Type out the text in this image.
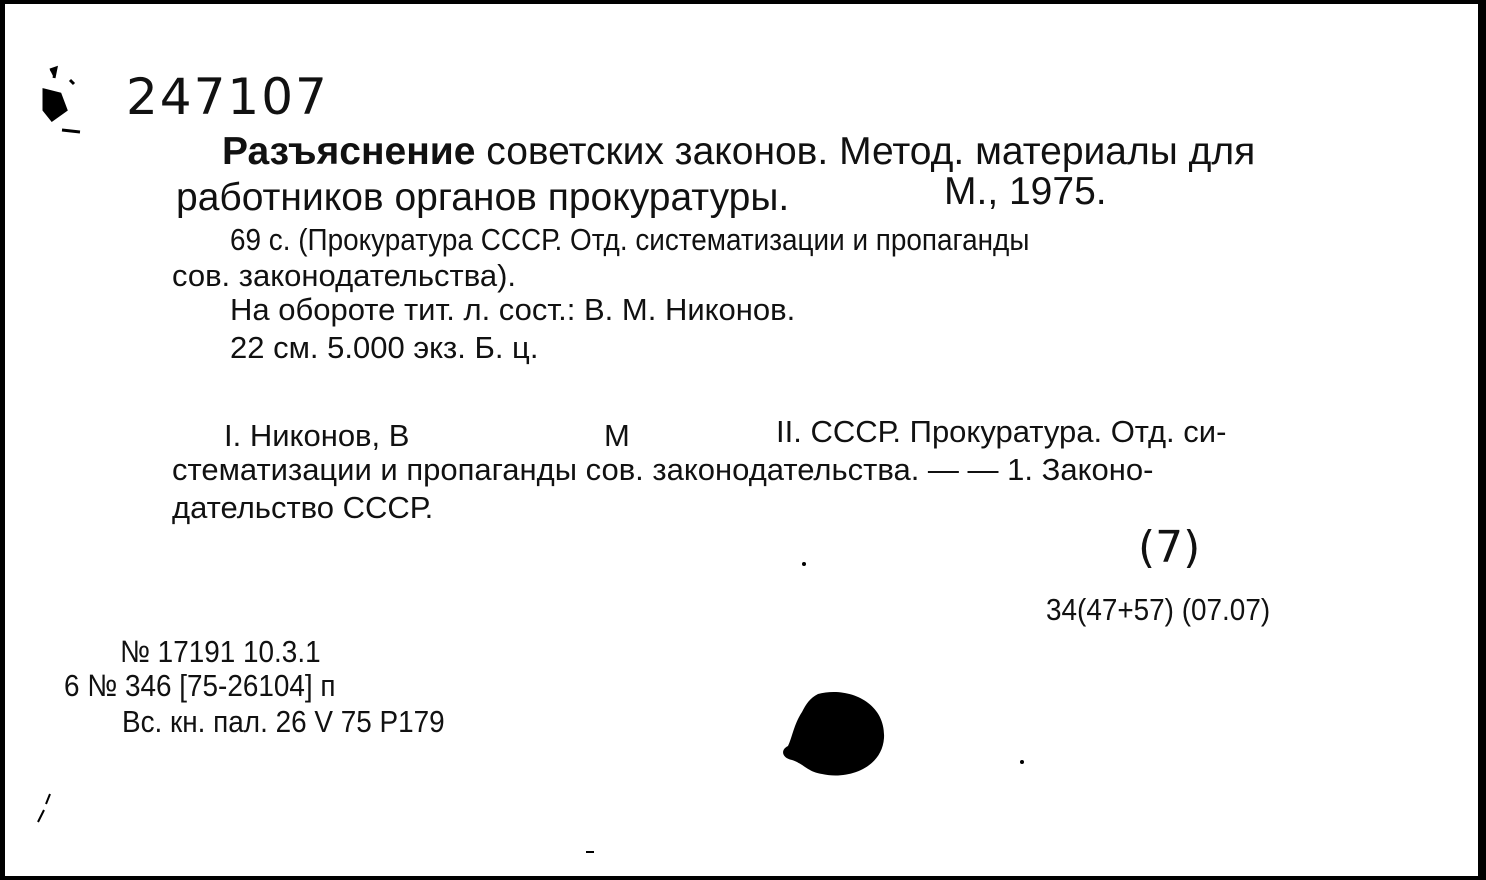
247107
Разъяснение советских законов. Метод. материалы для
работников органов прокуратуры.	М., 1975.
69 с. (Прокуратура СССР. Отд. систематизации и пропаганды
сов. законодательства).
На обороте тит. л. сост.: В. М. Никонов.
22 см. 5.000 экз. Б. ц.
I. Никонов, В	М	II. СССР. Прокуратура. Отд. си-
стематизации и пропаганды сов. законодательства. — — 1. Законо-
дательство СССР.
(7)
34(47+57) (07.07)
№ 17191 10.3.1
6 № 346 [75-26104] п
Вс. кн. пал. 26 V 75 Р179
